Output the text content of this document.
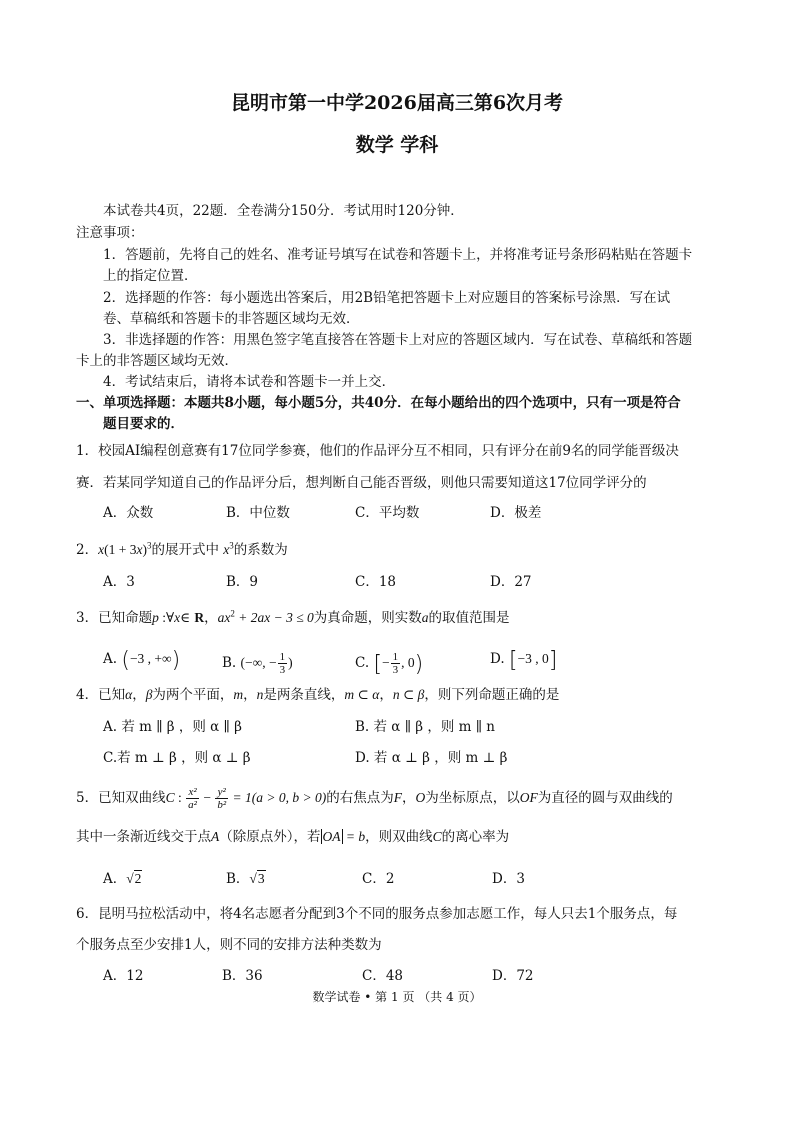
昆明市第一中学2026届高三第6次月考
数学 学科
本试卷共4页，22题．全卷满分150分．考试用时120分钟．
注意事项：
1．答题前，先将自己的姓名、准考证号填写在试卷和答题卡上，并将准考证号条形码粘贴在答题卡
上的指定位置．
2．选择题的作答：每小题选出答案后，用2B铅笔把答题卡上对应题目的答案标号涂黑．写在试
卷、草稿纸和答题卡的非答题区域均无效．
3．非选择题的作答：用黑色签字笔直接答在答题卡上对应的答题区域内．写在试卷、草稿纸和答题
卡上的非答题区域均无效．
4．考试结束后，请将本试卷和答题卡一并上交．
一、单项选择题：本题共8小题，每小题5分，共40分．在每小题给出的四个选项中，只有一项是符合
题目要求的．
1．校园AI编程创意赛有17位同学参赛，他们的作品评分互不相同，只有评分在前9名的同学能晋级决
赛．若某同学知道自己的作品评分后，想判断自己能否晋级，则他只需要知道这17位同学评分的
A．众数	B．中位数	C．平均数	D．极差
2．$x(1 + 3x)^3$的展开式中 $x^3$的系数为
A．3	B．9	C．18	D．27
3．已知命题p :∀x∈ R，$ax^2 + 2ax - 3 \le 0$为真命题，则实数a的取值范围是
A. (−3 , +∞)	B. (−∞, − $\frac{1}{3}$ )	C. [− $\frac{1}{3}$ , 0)	D. [−3 , 0]
4．已知α，β为两个平面，m，n是两条直线，m ⊂ α，n ⊂ β，则下列命题正确的是
A. 若 m ∥ β ，则 α ∥ β	B. 若 α ∥ β ，则 m ∥ n
C.若 m ⊥ β ，则 α ⊥ β	D. 若 α ⊥ β ，则 m ⊥ β
5．已知双曲线C : $\frac{\text{x²}}{\text{a²}} - \frac{\text{y²}}{\text{b²}} = 1(a > 0$, b > 0)的右焦点为F，O为坐标原点，以OF为直径的圆与双曲线的
其中一条渐近线交于点A（除原点外），若 OA = b，则双曲线C的离心率为
A．√2	B．√3	C．2	D．3
6．昆明马拉松活动中，将4名志愿者分配到3个不同的服务点参加志愿工作，每人只去1个服务点，每
个服务点至少安排1人，则不同的安排方法种类数为
A．12	B．36	C．48	D．72
数学试卷 • 第 1 页 （共 4 页）
